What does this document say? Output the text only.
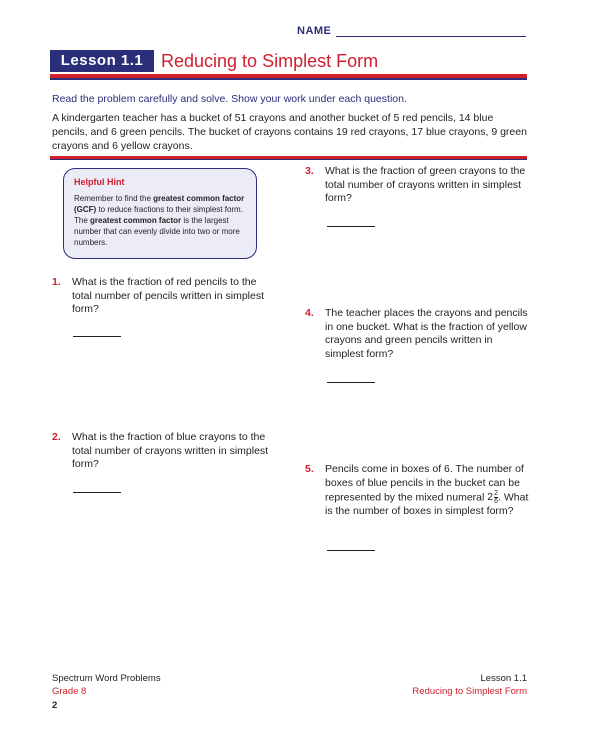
NAME
Lesson 1.1 Reducing to Simplest Form
Read the problem carefully and solve. Show your work under each question.
A kindergarten teacher has a bucket of 51 crayons and another bucket of 5 red pencils, 14 blue pencils, and 6 green pencils. The bucket of crayons contains 19 red crayons, 17 blue crayons, 9 green crayons and 6 yellow crayons.
Helpful Hint
Remember to find the greatest common factor (GCF) to reduce fractions to their simplest form. The greatest common factor is the largest number that can evenly divide into two or more numbers.
1. What is the fraction of red pencils to the total number of pencils written in simplest form?
2. What is the fraction of blue crayons to the total number of crayons written in simplest form?
3. What is the fraction of green crayons to the total number of crayons written in simplest form?
4. The teacher places the crayons and pencils in one bucket. What is the fraction of yellow crayons and green pencils written in simplest form?
5. Pencils come in boxes of 6. The number of boxes of blue pencils in the bucket can be represented by the mixed numeral $2 \frac{2}{6}$ . What is the number of boxes in simplest form?
Spectrum Word Problems
Grade 8
2
Lesson 1.1
Reducing to Simplest Form
